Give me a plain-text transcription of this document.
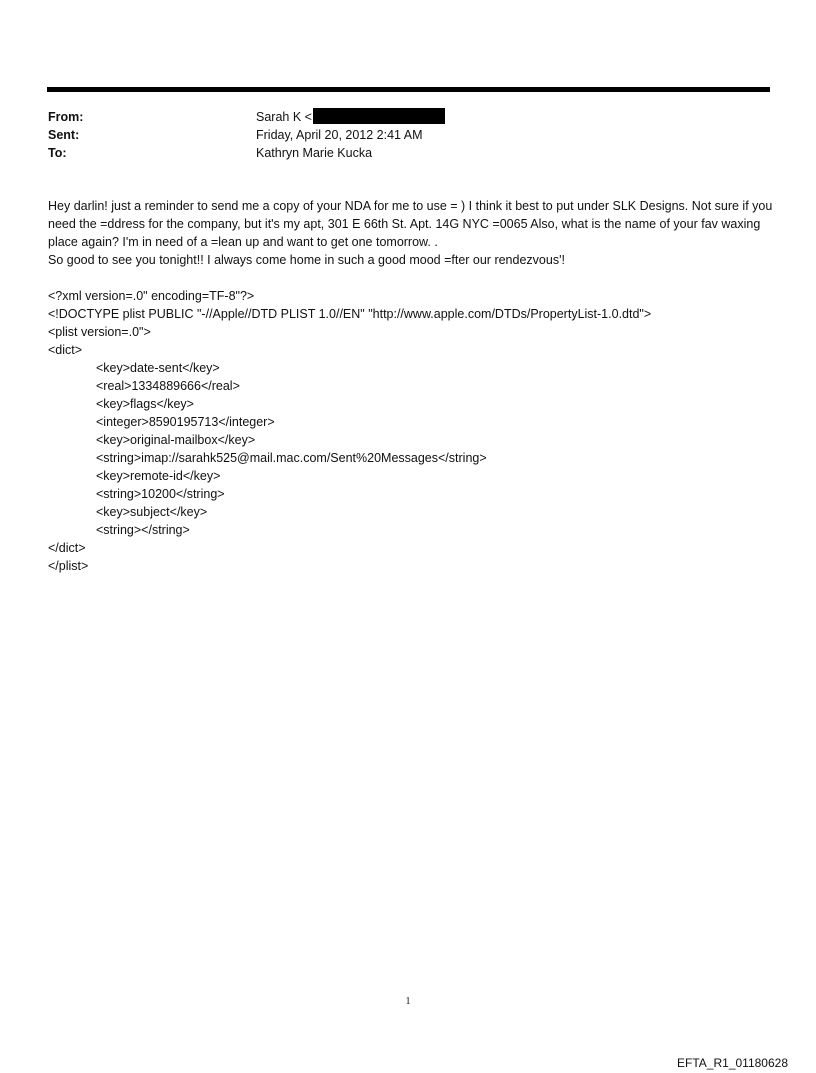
From:	Sarah K <
Sent:	Friday, April 20, 2012 2:41 AM
To:	Kathryn Marie Kucka

Hey darlin! just a reminder to send me a copy of your NDA for me to use = ) I think it best to put under SLK Designs. Not sure if you need the =ddress for the company, but it's my apt, 301 E 66th St. Apt. 14G NYC =0065 Also, what is the name of your fav waxing place again? I'm in need of a =lean up and want to get one tomorrow. .

So good to see you tonight!! I always come home in such a good mood =fter our rendezvous'!

<?xml version=.0" encoding=TF-8"?>
<!DOCTYPE plist PUBLIC "-//Apple//DTD PLIST 1.0//EN" "http://www.apple.com/DTDs/PropertyList-1.0.dtd">
<plist version=.0">
<dict>
<key>date-sent</key>
<real>1334889666</real>
<key>flags</key>
<integer>8590195713</integer>
<key>original-mailbox</key>
<string>imap://sarahk525@mail.mac.com/Sent%20Messages</string>
<key>remote-id</key>
<string>10200</string>
<key>subject</key>
<string></string>
</dict>
</plist>
1
EFTA_R1_01180628
